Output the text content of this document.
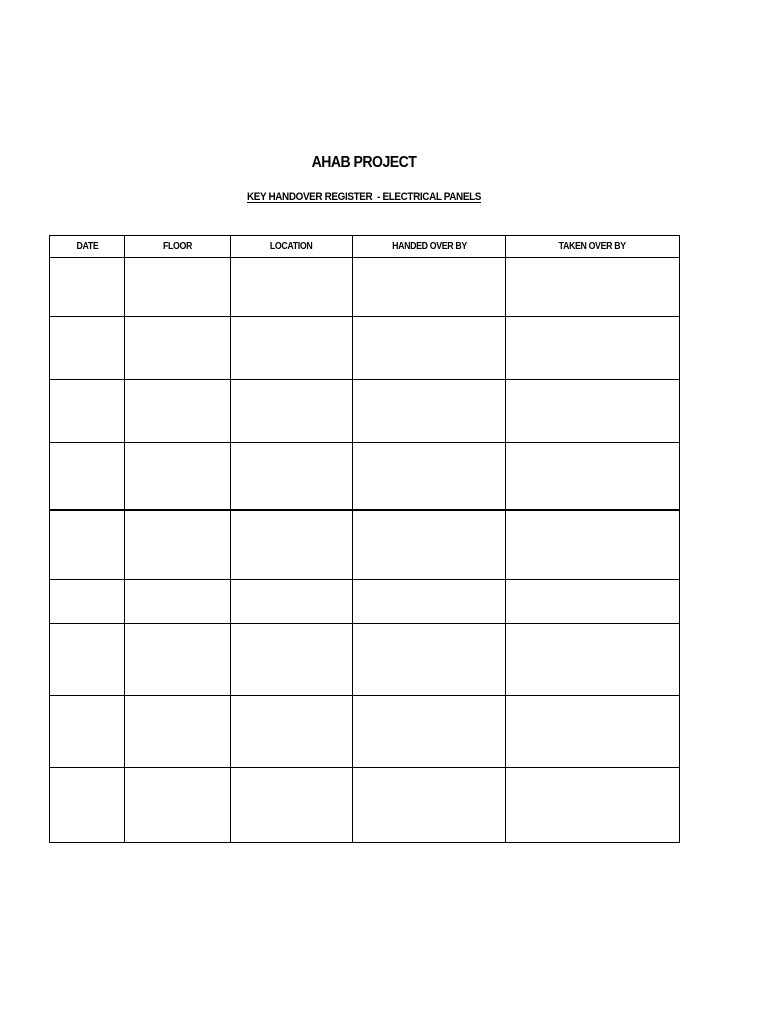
AHAB PROJECT
KEY HANDOVER REGISTER  - ELECTRICAL PANELS
DATE	FLOOR	LOCATION	HANDED OVER BY	TAKEN OVER BY
